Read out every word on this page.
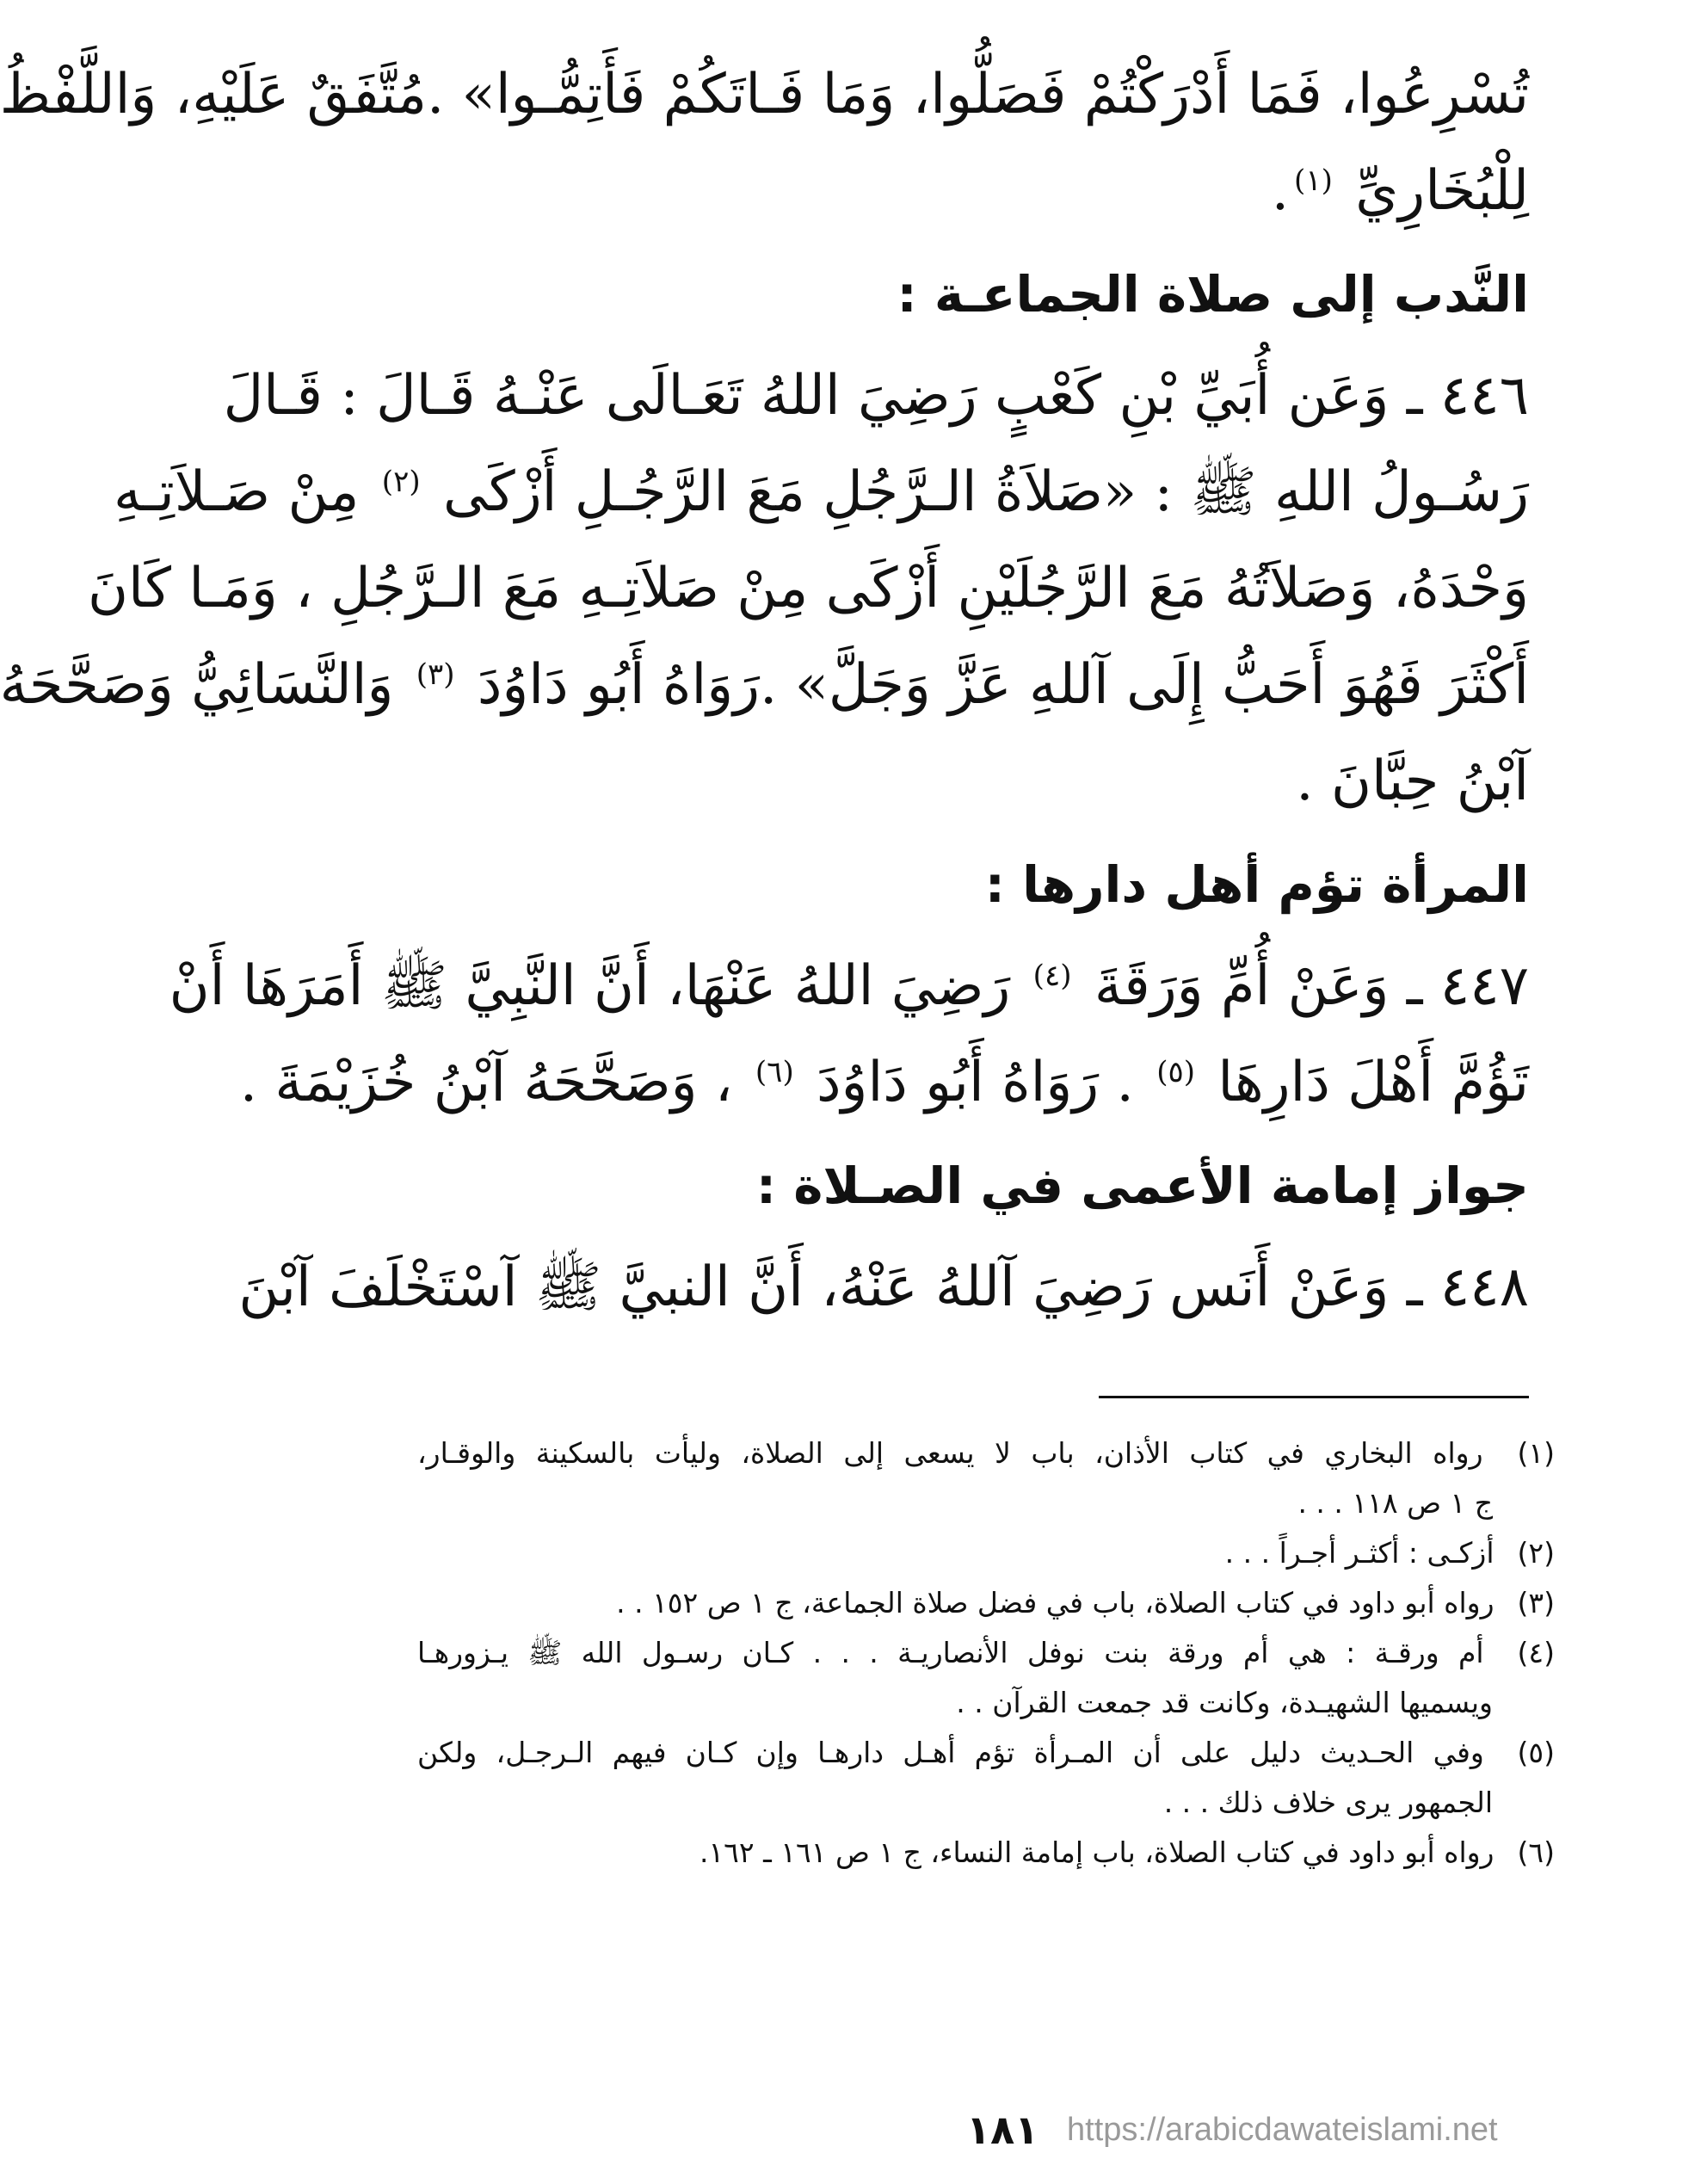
تُسْرِعُوا، فَمَا أَدْرَكْتُمْ فَصَلُّوا، وَمَا فَـاتَكُمْ فَأَتِمُّـوا» .مُتَّفَقٌ عَلَيْهِ، وَاللَّفْظُ
لِلْبُخَارِيِّ $^{(١)}$.
النَّدب إلى صلاة الجماعـة :
٤٤٦ ـ وَعَن أُبَيِّ بْنِ كَعْبٍ رَضِيَ اللهُ تَعَـالَى عَنْـهُ قَـالَ : قَـالَ
رَسُـولُ اللهِ ﷺ : «صَلاَةُ الـرَّجُلِ مَعَ الرَّجُـلِ أَزْكَى $^{(٢)}$ مِنْ صَـلاَتِـهِ
وَحْدَهُ، وَصَلاَتُهُ مَعَ الرَّجُلَيْنِ أَزْكَى مِنْ صَلاَتِـهِ مَعَ الـرَّجُلِ ، وَمَـا كَانَ
أَكْثَرَ فَهُوَ أَحَبُّ إِلَى آللهِ عَزَّ وَجَلَّ» .رَوَاهُ أَبُو دَاوُدَ $^{(٣)}$ وَالنَّسَائِيُّ وَصَحَّحَهُ
آبْنُ حِبَّانَ .
المرأة تؤم أهل دارها :
٤٤٧ ـ وَعَنْ أُمِّ وَرَقَةَ $^{(٤)}$ رَضِيَ اللهُ عَنْهَا، أَنَّ النَّبِيَّ ﷺ أَمَرَهَا أَنْ
تَؤُمَّ أَهْلَ دَارِهَا $^{(٥)}$ . رَوَاهُ أَبُو دَاوُدَ $^{(٦)}$ ، وَصَحَّحَهُ آبْنُ خُزَيْمَةَ .
جواز إمامة الأعمى في الصـلاة :
٤٤٨ ـ وَعَنْ أَنَس رَضِيَ آللهُ عَنْهُ، أَنَّ النبيَّ ﷺ آسْتَخْلَفَ آبْنَ
(١) رواه البخاري في كتاب الأذان، باب لا يسعى إلى الصلاة، وليأت بالسكينة والوقـار،
ج ١ ص ١١٨ . . .
(٢) أزكـى : أكثـر أجـراً . . .
(٣) رواه أبو داود في كتاب الصلاة، باب في فضل صلاة الجماعة، ج ١ ص ١٥٢ . .
(٤) أم ورقـة : هي أم ورقة بنت نوفل الأنصاريـة . . . كـان رسـول الله ﷺ يـزورهـا
ويسميها الشهيـدة، وكانت قد جمعت القرآن . .
(٥) وفي الحـديث دليل على أن المـرأة تؤم أهـل دارهـا وإن كـان فيهم الـرجـل، ولكن
الجمهور يرى خلاف ذلك . . .
(٦) رواه أبو داود في كتاب الصلاة، باب إمامة النساء، ج ١ ص ١٦١ ـ ١٦٢.
١٨١ https://arabicdawateislami.net
